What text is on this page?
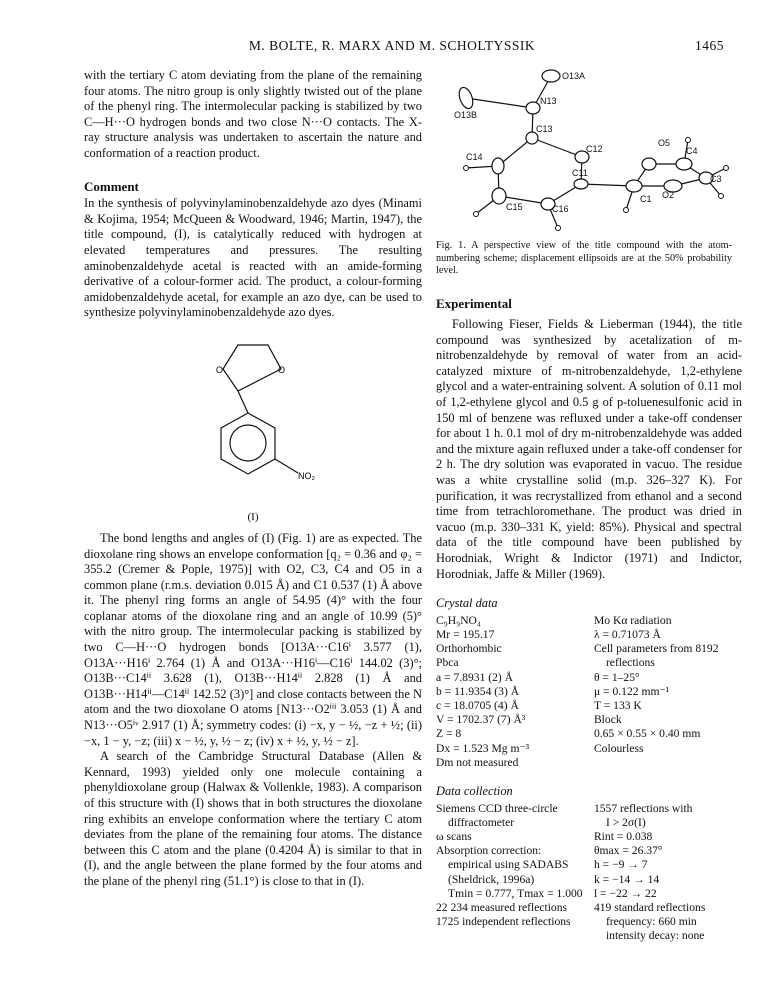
M. BOLTE, R. MARX AND M. SCHOLTYSSIK	1465

with the tertiary C atom deviating from the plane of the remaining four atoms. The nitro group is only slightly twisted out of the plane of the phenyl ring. The intermolecular packing is stabilized by two C—H···O hydrogen bonds and two close N···O contacts. The X-ray structure analysis was undertaken to ascertain the nature and conformation of a reaction product.

Comment

In the synthesis of polyvinylaminobenzaldehyde azo dyes (Minami & Kojima, 1954; McQueen & Woodward, 1946; Martin, 1947), the title compound, (I), is catalytically reduced with hydrogen at elevated temperatures and pressures. The resulting aminobenzaldehyde acetal is reacted with an amide-forming derivative of a colour-former acid. The product, a colour-forming amidobenzaldehyde acetal, for example an azo dye, can be used to synthesize polyvinylaminobenzaldehyde azo dyes.

O	O
NO₂
(I)

The bond lengths and angles of (I) (Fig. 1) are as expected. The dioxolane ring shows an envelope conformation [q₂ = 0.36 and φ₂ = 355.2 (Cremer & Pople, 1975)] with O2, C3, C4 and O5 in a common plane (r.m.s. deviation 0.015 Å) and C1 0.537 (1) Å above it. The phenyl ring forms an angle of 54.95 (4)° with the four coplanar atoms of the dioxolane ring and an angle of 10.99 (5)° with the nitro group. The intermolecular packing is stabilized by two C—H···O hydrogen bonds [O13A···C16ⁱ 3.577 (1), O13A···H16ⁱ 2.764 (1) Å and O13A···H16ⁱ—C16ⁱ 144.02 (3)°; O13B···C14ⁱⁱ 3.628 (1), O13B···H14ⁱⁱ 2.828 (1) Å and O13B···H14ⁱⁱ—C14ⁱⁱ 142.52 (3)°] and close contacts between the N atom and the two dioxolane O atoms [N13···O2ⁱⁱⁱ 3.053 (1) Å and N13···O5ⁱᵛ 2.917 (1) Å; symmetry codes: (i) −x, y − ½, −z + ½; (ii) −x, 1 − y, −z; (iii) x − ½, y, ½ − z; (iv) x + ½, y, ½ − z].

A search of the Cambridge Structural Database (Allen & Kennard, 1993) yielded only one molecule containing a phenyldioxolane group (Halwax & Vollenkle, 1983). A comparison of this structure with (I) shows that in both structures the dioxolane ring exhibits an envelope conformation where the tertiary C atom deviates from the plane of the remaining four atoms. The distance between this C atom and the plane (0.4204 Å) is similar to that in (I), and the angle between the plane formed by the four atoms and the plane of the phenyl ring (51.1°) is close to that in (I).

O13A
O13B
N13
C13
C12
O5
C4
C14
C11
C3
O2
C1
C15	C16

Fig. 1. A perspective view of the title compound with the atom-numbering scheme; displacement ellipsoids are at the 50% probability level.

Experimental

Following Fieser, Fields & Lieberman (1944), the title compound was synthesized by acetalization of m-nitrobenzaldehyde by removal of water from an acid-catalyzed mixture of m-nitrobenzaldehyde, 1,2-ethylene glycol and a water-entraining solvent. A solution of 0.11 mol of 1,2-ethylene glycol and 0.5 g of p-toluenesulfonic acid in 150 ml of benzene was refluxed under a take-off condenser for about 1 h. 0.1 mol of dry m-nitrobenzaldehyde was added and the mixture again refluxed under a take-off condenser for 2 h. The dry solution was evaporated in vacuo. The residue was a white crystalline solid (m.p. 326–327 K). For purification, it was recrystallized from ethanol and a second time from tetrachloromethane. The product was dried in vacuo (m.p. 330–331 K, yield: 85%). Physical and spectral data of the title compound have been published by Horodniak, Wright & Indictor (1971) and Indictor, Horodniak, Jaffe & Miller (1969).

Crystal data
C₉H₉NO₄
Mr = 195.17
Orthorhombic
Pbca
a = 7.8931 (2) Å
b = 11.9354 (3) Å
c = 18.0705 (4) Å
V = 1702.37 (7) Å³
Z = 8
Dx = 1.523 Mg m⁻³
Dm not measured
Mo Kα radiation
λ = 0.71073 Å
Cell parameters from 8192
reflections
θ = 1–25°
μ = 0.122 mm⁻¹
T = 133 K
Block
0.65 × 0.55 × 0.40 mm
Colourless
Data collection
Siemens CCD three-circle
diffractometer
ω scans
Absorption correction:
empirical using SADABS
(Sheldrick, 1996a)
Tmin = 0.777, Tmax = 1.000
22 234 measured reflections
1725 independent reflections
1557 reflections with
I > 2σ(I)
Rint = 0.038
θmax = 26.37°
h = −9 → 7
k = −14 → 14
l = −22 → 22
419 standard reflections
frequency: 660 min
intensity decay: none
